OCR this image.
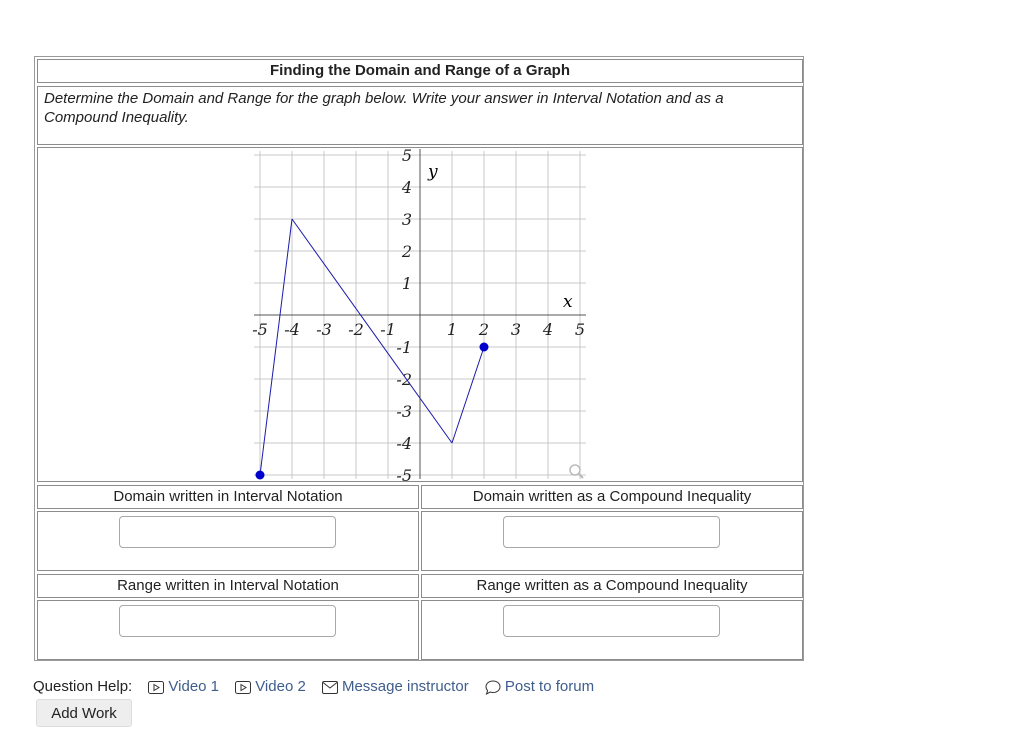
Finding the Domain and Range of a Graph
Determine the Domain and Range for the graph below. Write your answer in Interval Notation and as a Compound Inequality.
-5 -4 -3 -2 -1	1 2 3 4 5
5
4
3
2
1
-1
-2
-3
-4
-5
x
y
Domain written in Interval Notation	Domain written as a Compound Inequality
Range written in Interval Notation	Range written as a Compound Inequality
Question Help: Video 1 Video 2 Message instructor Post to forum
Add Work
